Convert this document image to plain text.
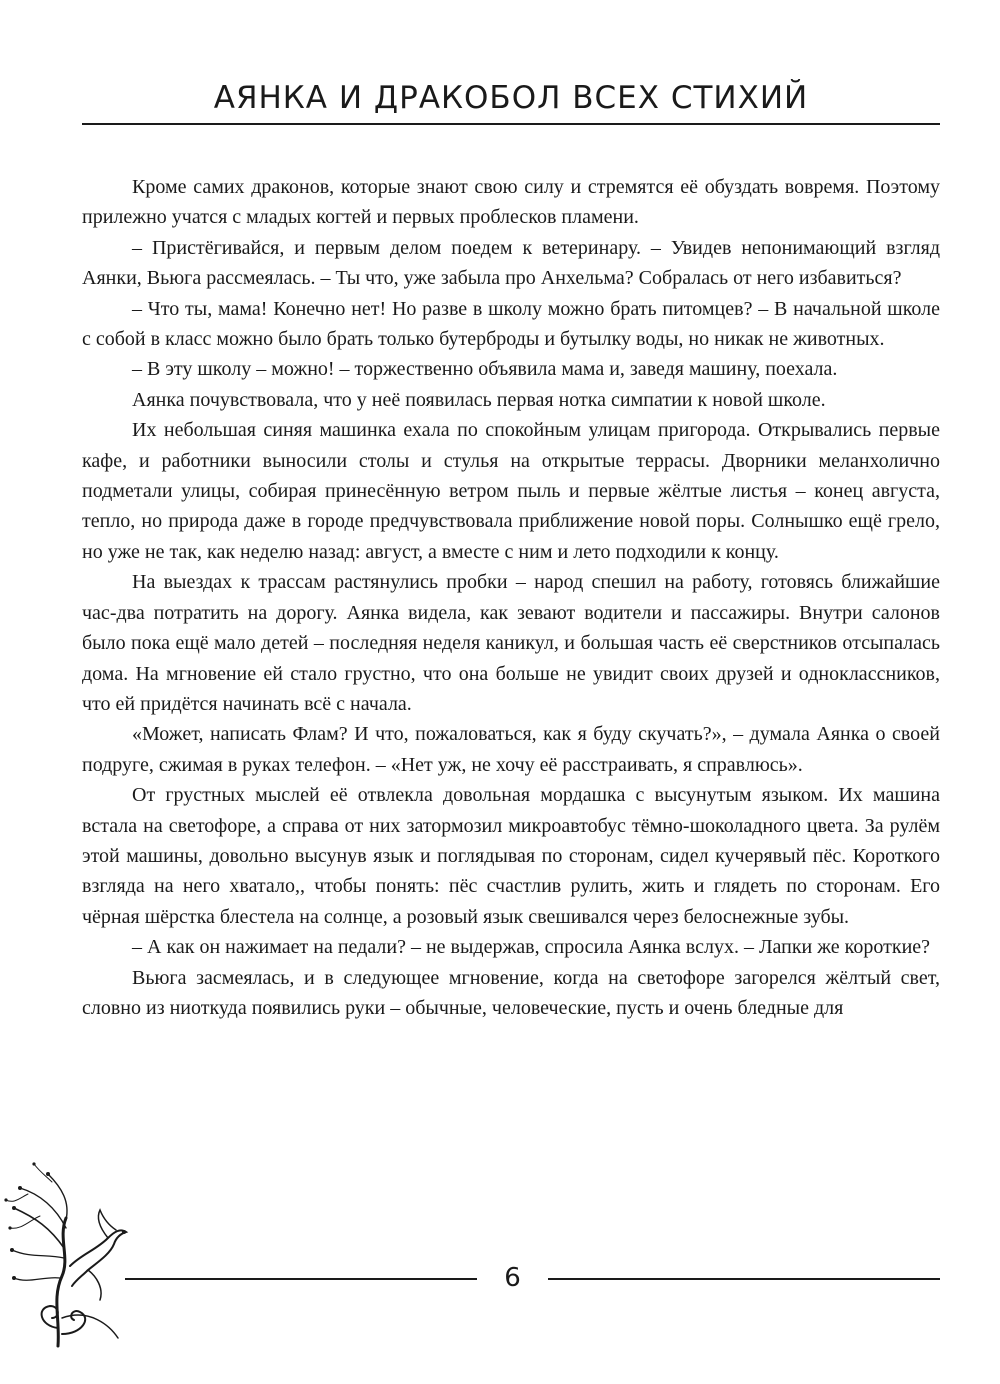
АЯНКА И ДРАКОБОЛ ВСЕХ СТИХИЙ

Кроме самих драконов, которые знают свою силу и стремятся её обуздать вовремя. Поэтому прилежно учатся с младых когтей и первых проблесков пламени.

– Пристёгивайся, и первым делом поедем к ветеринару. – Увидев непонимающий взгляд Аянки, Вьюга рассмеялась. – Ты что, уже забыла про Анхельма? Собралась от него избавиться?

– Что ты, мама! Конечно нет! Но разве в школу можно брать питомцев? – В начальной школе с собой в класс можно было брать только бутерброды и бутылку воды, но никак не животных.

– В эту школу – можно! – торжественно объявила мама и, заведя машину, поехала.

Аянка почувствовала, что у неё появилась первая нотка симпатии к новой школе.

Их небольшая синяя машинка ехала по спокойным улицам пригорода. Открывались первые кафе, и работники выносили столы и стулья на открытые террасы. Дворники меланхолично подметали улицы, собирая принесённую ветром пыль и первые жёлтые листья – конец августа, тепло, но природа даже в городе предчувствовала приближение новой поры. Солнышко ещё грело, но уже не так, как неделю назад: август, а вместе с ним и лето подходили к концу.

На выездах к трассам растянулись пробки – народ спешил на работу, готовясь ближайшие час-два потратить на дорогу. Аянка видела, как зевают водители и пассажиры. Внутри салонов было пока ещё мало детей – последняя неделя каникул, и большая часть её сверстников отсыпалась дома. На мгновение ей стало грустно, что она больше не увидит своих друзей и одноклассников, что ей придётся начинать всё с начала.

«Может, написать Флам? И что, пожаловаться, как я буду скучать?», – думала Аянка о своей подруге, сжимая в руках телефон. – «Нет уж, не хочу её расстраивать, я справлюсь».

От грустных мыслей её отвлекла довольная мордашка с высунутым языком. Их машина встала на светофоре, а справа от них затормозил микроавтобус тёмно-шоколадного цвета. За рулём этой машины, довольно высунув язык и поглядывая по сторонам, сидел кучерявый пёс. Короткого взгляда на него хватало,, чтобы понять: пёс счастлив рулить, жить и глядеть по сторонам. Его чёрная шёрстка блестела на солнце, а розовый язык свешивался через белоснежные зубы.

– А как он нажимает на педали? – не выдержав, спросила Аянка вслух. – Лапки же короткие?

Вьюга засмеялась, и в следующее мгновение, когда на светофоре загорелся жёлтый свет, словно из ниоткуда появились руки – обычные, человеческие, пусть и очень бледные для

6
